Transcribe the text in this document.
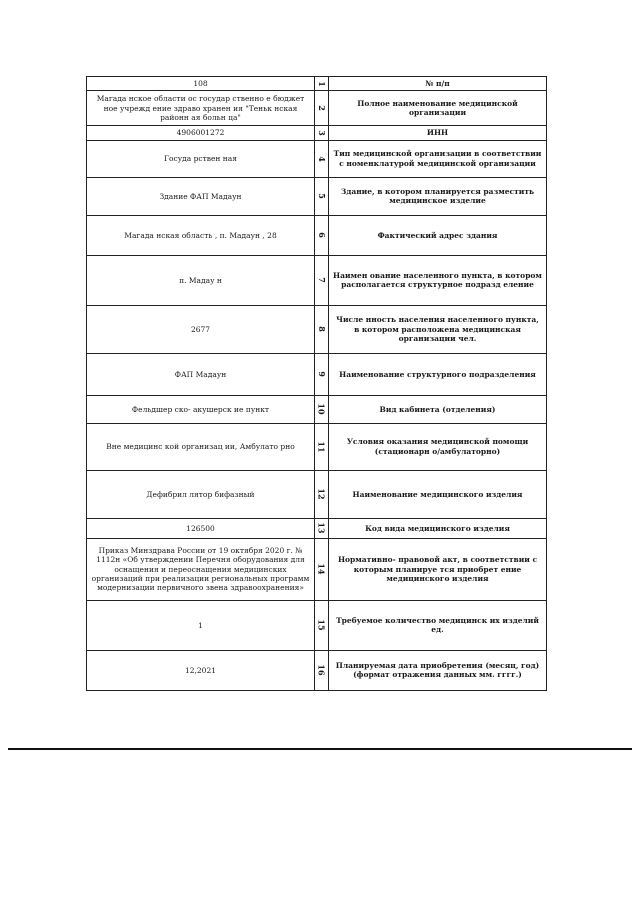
108	1	№ п/п
Магада нское области ос государ ственно е бюджет ное учрежд ение здраво хранен ия "Теньк нская районн ая больн ца"	2	Полное наименование медицинской организации
4906001272	3	ИНН
Госуда рствен ная	4	Тип медицинской организации в соответствии с номенклатурой медицинской организации
Здание ФАП Мадаун	5	Здание, в котором планируется разместить медицинское изделие
Магада нская область , п. Мадаун , 28	6	Фактический адрес здания
п. Мадау н	7	Наимен ование населенного пункта, в котором располагается структурное подразд еление
2677	8	Числе нность населения населенного пункта, в котором расположена медицинская организации чел.
ФАП Мадаун	9	Наименование структурного подразделения
Фельдшер ско- акушерск ие пункт	10	Вид кабинета (отделения)
Вне медицинс кой организац ии, Амбулато рно	11	Условия оказания медицинской помощи (стационарн о/амбулаторно)
Дефибрил лятор бифазный	12	Наименование медицинского изделия
126500	13	Код вида медицинского изделия
Приказ Минздрава России от 19 октября 2020 г. № 1112н «Об утверждении Перечня оборудования для оснащения и переоснащения медицинских организаций при реализации региональных программ модернизации первичного звена здравоохранения»	14	Нормативно- правовой акт, в соответствии с которым планируе тся приобрет ение медицинского изделия
1	15	Требуемое количество медицинск их изделий ед.
12,2021	16	Планируемая дата приобретения (месяц, год) (формат отражения данных мм. гггг.)
